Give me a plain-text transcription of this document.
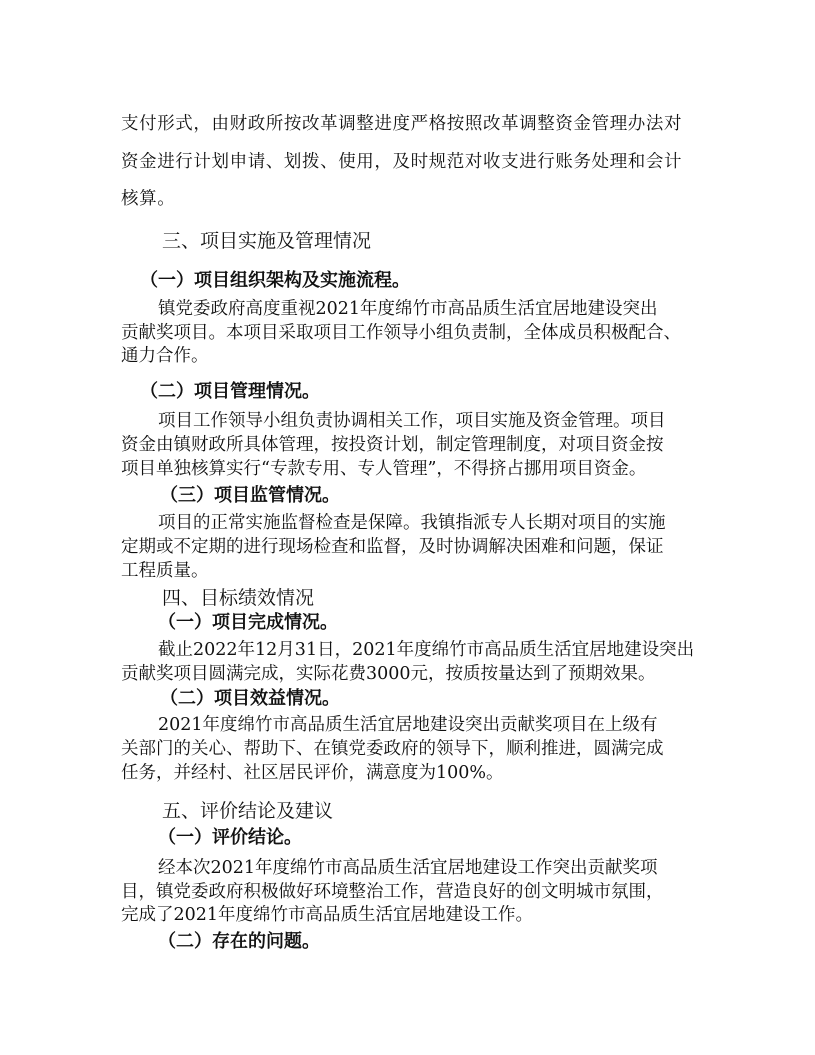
支付形式，由财政所按改革调整进度严格按照改革调整资金管理办法对
资金进行计划申请、划拨、使用，及时规范对收支进行账务处理和会计
核算。
三、项目实施及管理情况
（一）项目组织架构及实施流程。
镇党委政府高度重视2021年度绵竹市高品质生活宜居地建设突出
贡献奖项目。本项目采取项目工作领导小组负责制，全体成员积极配合、
通力合作。
（二）项目管理情况。
项目工作领导小组负责协调相关工作，项目实施及资金管理。项目
资金由镇财政所具体管理，按投资计划，制定管理制度，对项目资金按
项目单独核算实行“专款专用、专人管理”，不得挤占挪用项目资金。
（三）项目监管情况。
项目的正常实施监督检查是保障。我镇指派专人长期对项目的实施
定期或不定期的进行现场检查和监督，及时协调解决困难和问题，保证
工程质量。
四、目标绩效情况
（一）项目完成情况。
截止2022年12月31日，2021年度绵竹市高品质生活宜居地建设突出
贡献奖项目圆满完成，实际花费3000元，按质按量达到了预期效果。
（二）项目效益情况。
2021年度绵竹市高品质生活宜居地建设突出贡献奖项目在上级有
关部门的关心、帮助下、在镇党委政府的领导下，顺利推进，圆满完成
任务，并经村、社区居民评价，满意度为100%。
五、评价结论及建议
（一）评价结论。
经本次2021年度绵竹市高品质生活宜居地建设工作突出贡献奖项
目，镇党委政府积极做好环境整治工作，营造良好的创文明城市氛围，
完成了2021年度绵竹市高品质生活宜居地建设工作。
（二）存在的问题。
